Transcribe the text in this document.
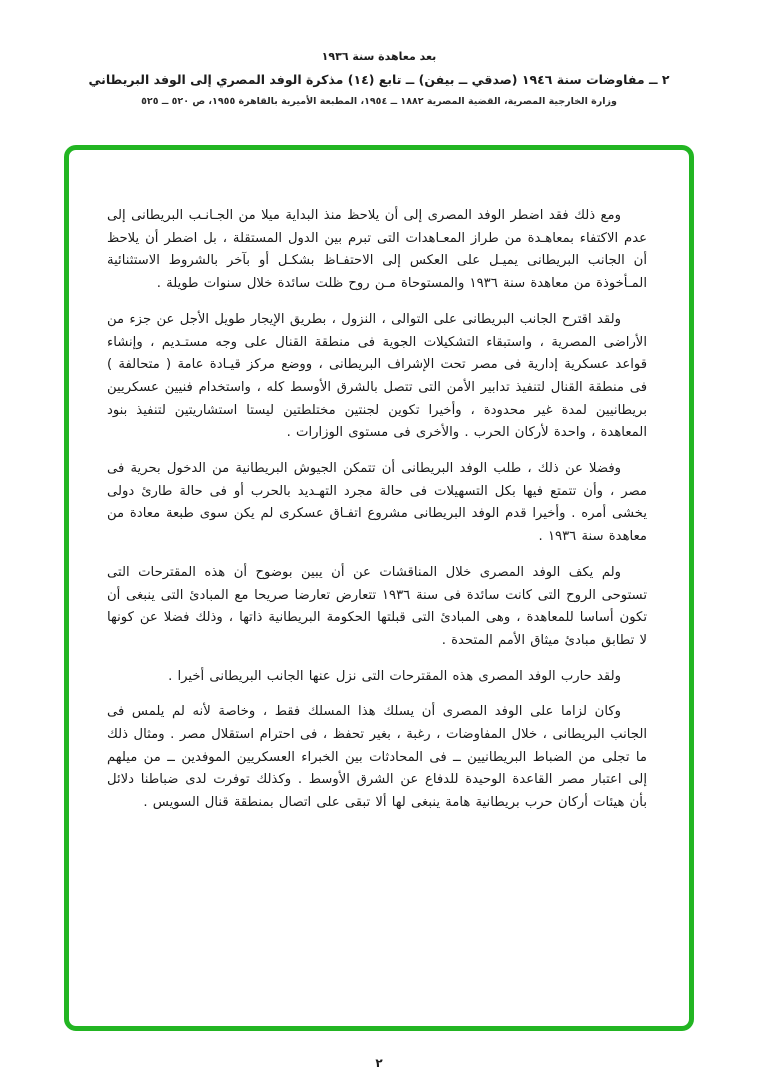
بعد معاهدة سنة ١٩٣٦
٢ ــ مفاوضات سنة ١٩٤٦ (صدقي ــ بيفن) ــ تابع (١٤) مذكرة الوفد المصري إلى الوفد البريطاني
وزارة الخارجية المصرية، القضية المصرية ١٨٨٢ ــ ١٩٥٤، المطبعة الأميرية بالقاهرة ١٩٥٥، ص ٥٢٠ ــ ٥٢٥

ومع ذلك فقد اضطر الوفد المصرى إلى أن يلاحظ منذ البداية ميلا من الجـانـب البريطانى إلى عدم الاكتفاء بمعاهـدة من طراز المعـاهدات التى تبرم بين الدول المستقلة ، بل اضطر أن يلاحظ أن الجانب البريطانى يميـل على العكس إلى الاحتفـاظ بشكـل أو بآخر بالشروط الاستثنائية المـأخوذة من معاهدة سنة ١٩٣٦ والمستوحاة مـن روح ظلت سائدة خلال سنوات طويلة .

ولقد اقترح الجانب البريطانى على التوالى ، النزول ، بطريق الإيجار طويل الأجل عن جزء من الأراضى المصرية ، واستبقاء التشكيلات الجوية فى منطقة القنال على وجه مستـديم ، وإنشاء قواعد عسكرية إدارية فى مصر تحت الإشراف البريطانى ، ووضع مركز قيـادة عامة ( متحالفة ) فى منطقة القنال لتنفيذ تدابير الأمن التى تتصل بالشرق الأوسط كله ، واستخدام فنيين عسكريين بريطانيين لمدة غير محدودة ، وأخيرا تكوين لجنتين مختلطتين ليستا استشاريتين لتنفيذ بنود المعاهدة ، واحدة لأركان الحرب . والأخرى فى مستوى الوزارات .

وفضلا عن ذلك ، طلب الوفد البريطانى أن تتمكن الجيوش البريطانية من الدخول بحرية فى مصر ، وأن تتمتع فيها بكل التسهيلات فى حالة مجرد التهـديد بالحرب أو فى حالة طارئ دولى يخشى أمره . وأخيرا قدم الوفد البريطانى مشروع اتفـاق عسكرى لم يكن سوى طبعة معادة من معاهدة سنة ١٩٣٦ .

ولم يكف الوفد المصرى خلال المناقشات عن أن يبين بوضوح أن هذه المقترحات التى تستوحى الروح التى كانت سائدة فى سنة ١٩٣٦ تتعارض تعارضا صريحا مع المبادئ التى ينبغى أن تكون أساسا للمعاهدة ، وهى المبادئ التى قبلتها الحكومة البريطانية ذاتها ، وذلك فضلا عن كونها لا تطابق مبادئ ميثاق الأمم المتحدة .

ولقد حارب الوفد المصرى هذه المقترحات التى نزل عنها الجانب البريطانى أخيرا .

وكان لزاما على الوفد المصرى أن يسلك هذا المسلك فقط ، وخاصة لأنه لم يلمس فى الجانب البريطانى ، خلال المفاوضات ، رغبة ، بغير تحفظ ، فى احترام استقلال مصر . ومثال ذلك ما تجلى من الضباط البريطانيين ــ فى المحادثات بين الخبراء العسكريين الموفدين ــ من ميلهم إلى اعتبار مصر القاعدة الوحيدة للدفاع عن الشرق الأوسط . وكذلك توفرت لدى ضباطنا دلائل بأن هيئات أركان حرب بريطانية هامة ينبغى لها ألا تبقى على اتصال بمنطقة قنال السويس .

٢
